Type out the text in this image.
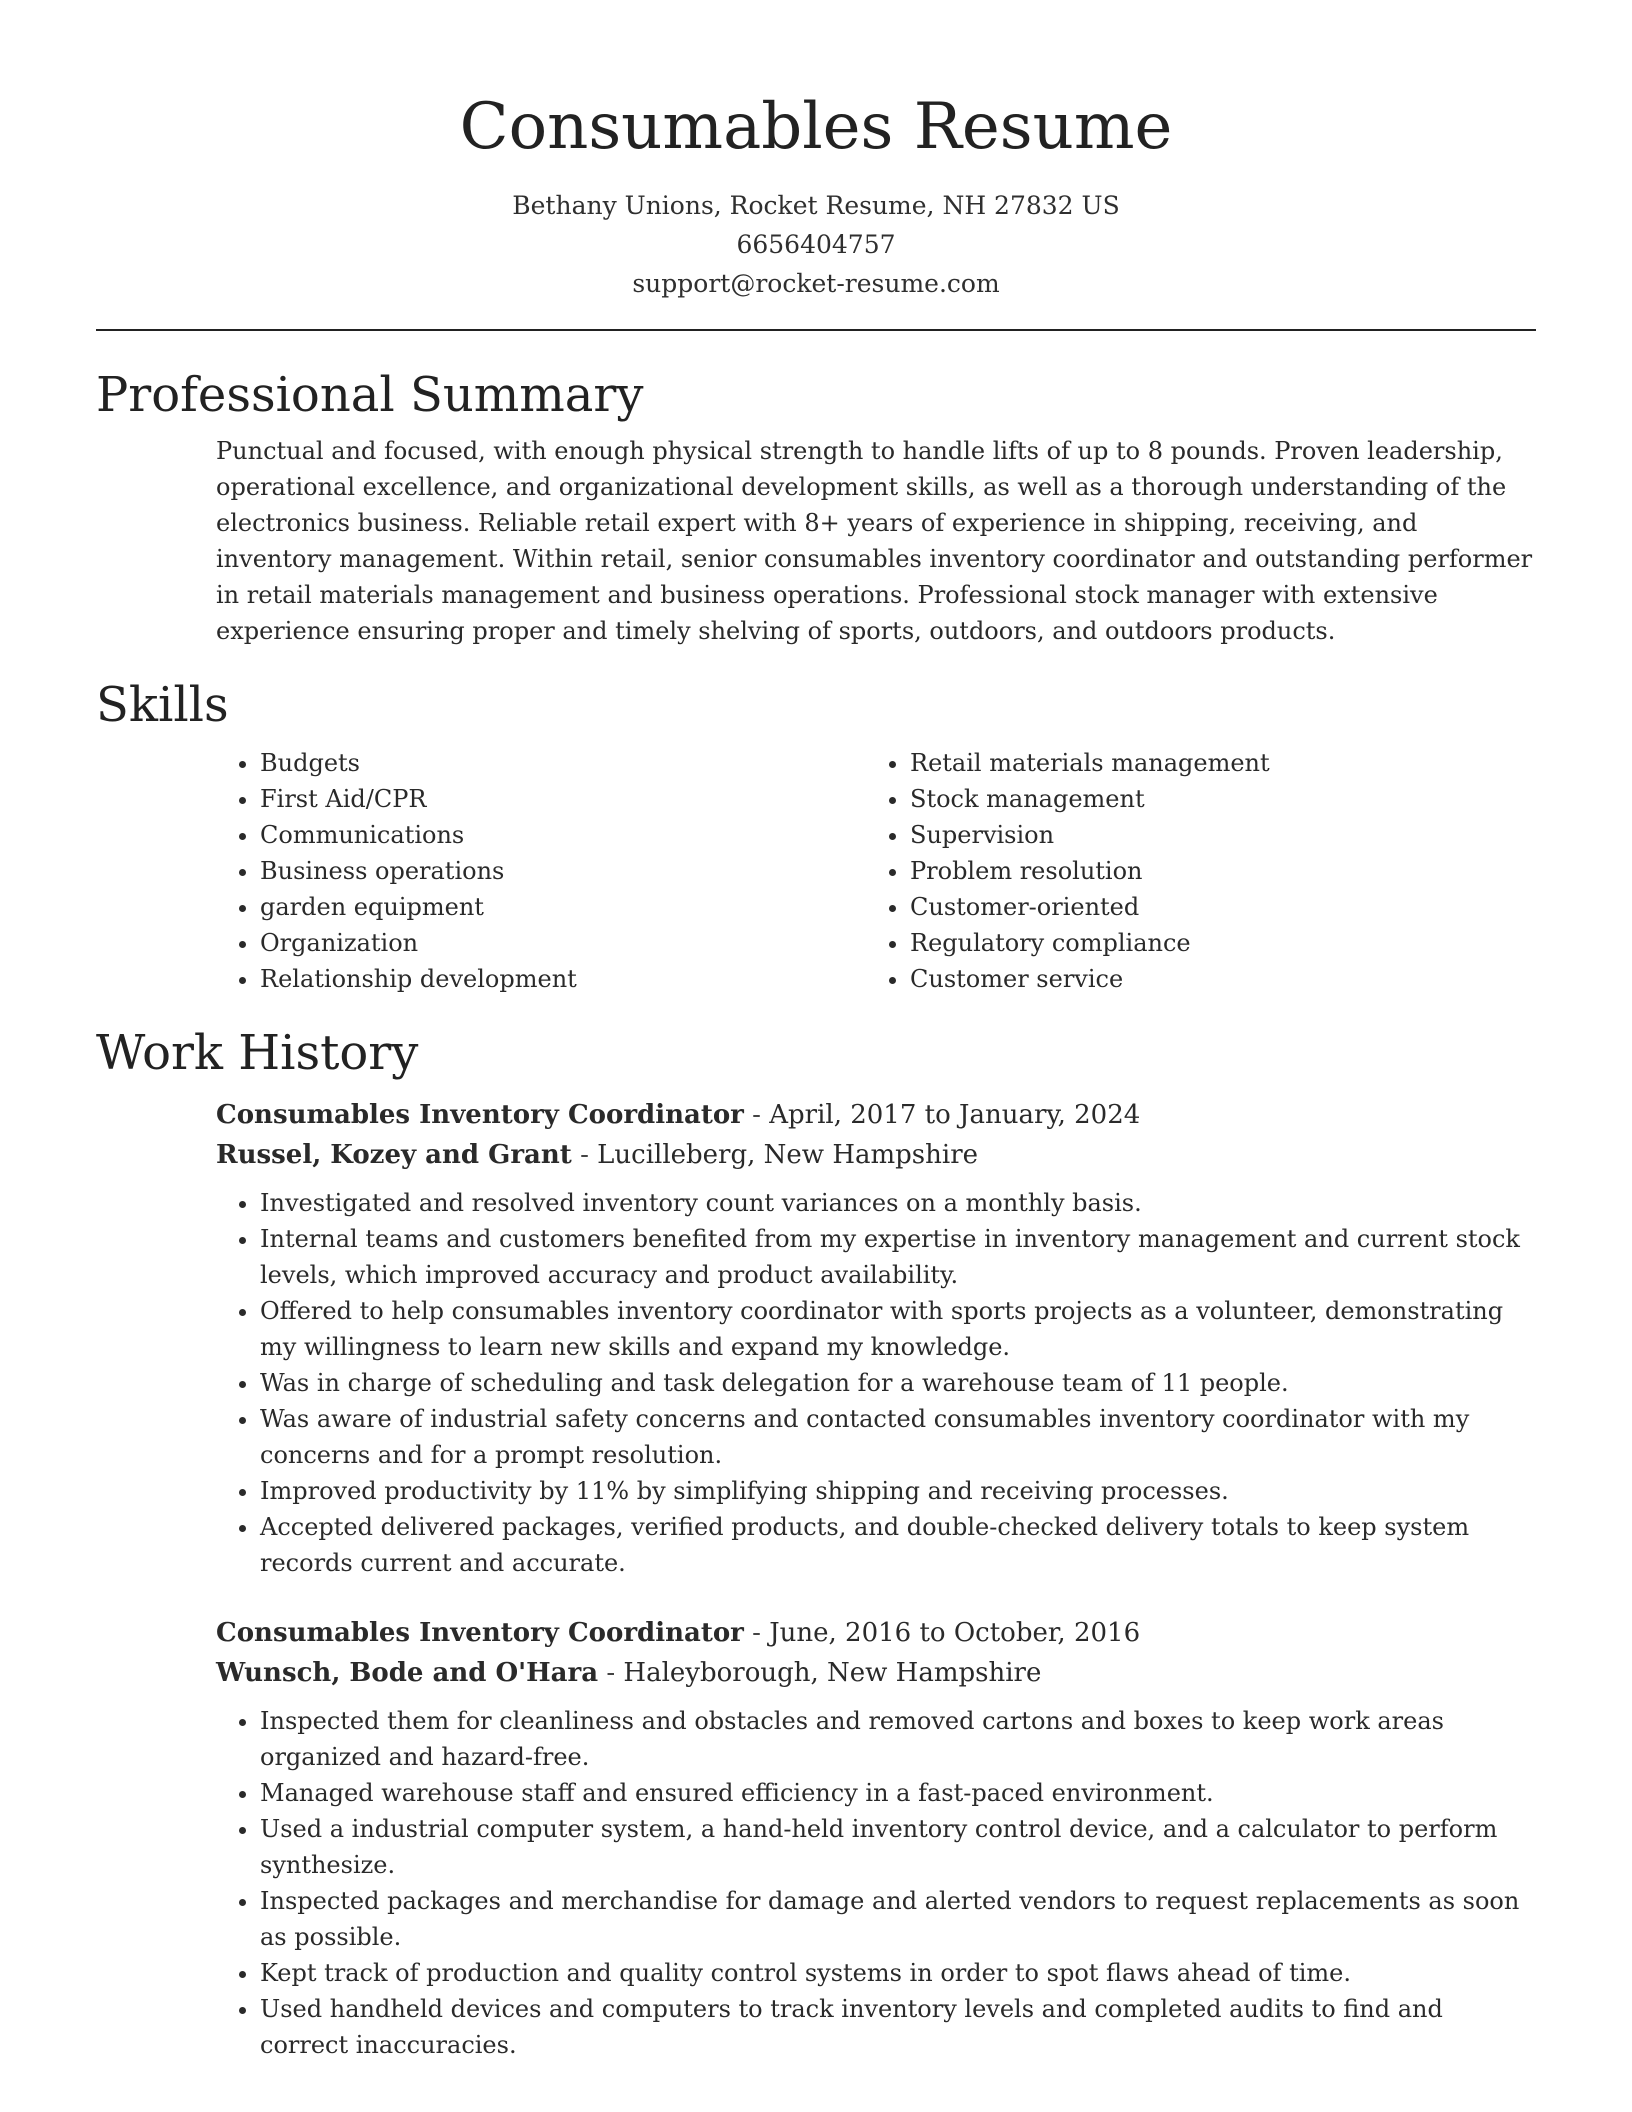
Consumables Resume
Bethany Unions, Rocket Resume, NH 27832 US
6656404757
support@rocket-resume.com
Professional Summary
Punctual and focused, with enough physical strength to handle lifts of up to 8 pounds. Proven leadership, operational excellence, and organizational development skills, as well as a thorough understanding of the electronics business. Reliable retail expert with 8+ years of experience in shipping, receiving, and inventory management. Within retail, senior consumables inventory coordinator and outstanding performer in retail materials management and business operations. Professional stock manager with extensive experience ensuring proper and timely shelving of sports, outdoors, and outdoors products.
Skills
• Budgets
• First Aid/CPR
• Communications
• Business operations
• garden equipment
• Organization
• Relationship development
• Retail materials management
• Stock management
• Supervision
• Problem resolution
• Customer-oriented
• Regulatory compliance
• Customer service
Work History
Consumables Inventory Coordinator - April, 2017 to January, 2024
Russel, Kozey and Grant - Lucilleberg, New Hampshire
• Investigated and resolved inventory count variances on a monthly basis.
• Internal teams and customers benefited from my expertise in inventory management and current stock levels, which improved accuracy and product availability.
• Offered to help consumables inventory coordinator with sports projects as a volunteer, demonstrating my willingness to learn new skills and expand my knowledge.
• Was in charge of scheduling and task delegation for a warehouse team of 11 people.
• Was aware of industrial safety concerns and contacted consumables inventory coordinator with my concerns and for a prompt resolution.
• Improved productivity by 11% by simplifying shipping and receiving processes.
• Accepted delivered packages, verified products, and double-checked delivery totals to keep system records current and accurate.
Consumables Inventory Coordinator - June, 2016 to October, 2016
Wunsch, Bode and O'Hara - Haleyborough, New Hampshire
• Inspected them for cleanliness and obstacles and removed cartons and boxes to keep work areas organized and hazard-free.
• Managed warehouse staff and ensured efficiency in a fast-paced environment.
• Used a industrial computer system, a hand-held inventory control device, and a calculator to perform synthesize.
• Inspected packages and merchandise for damage and alerted vendors to request replacements as soon as possible.
• Kept track of production and quality control systems in order to spot flaws ahead of time.
• Used handheld devices and computers to track inventory levels and completed audits to find and correct inaccuracies.
